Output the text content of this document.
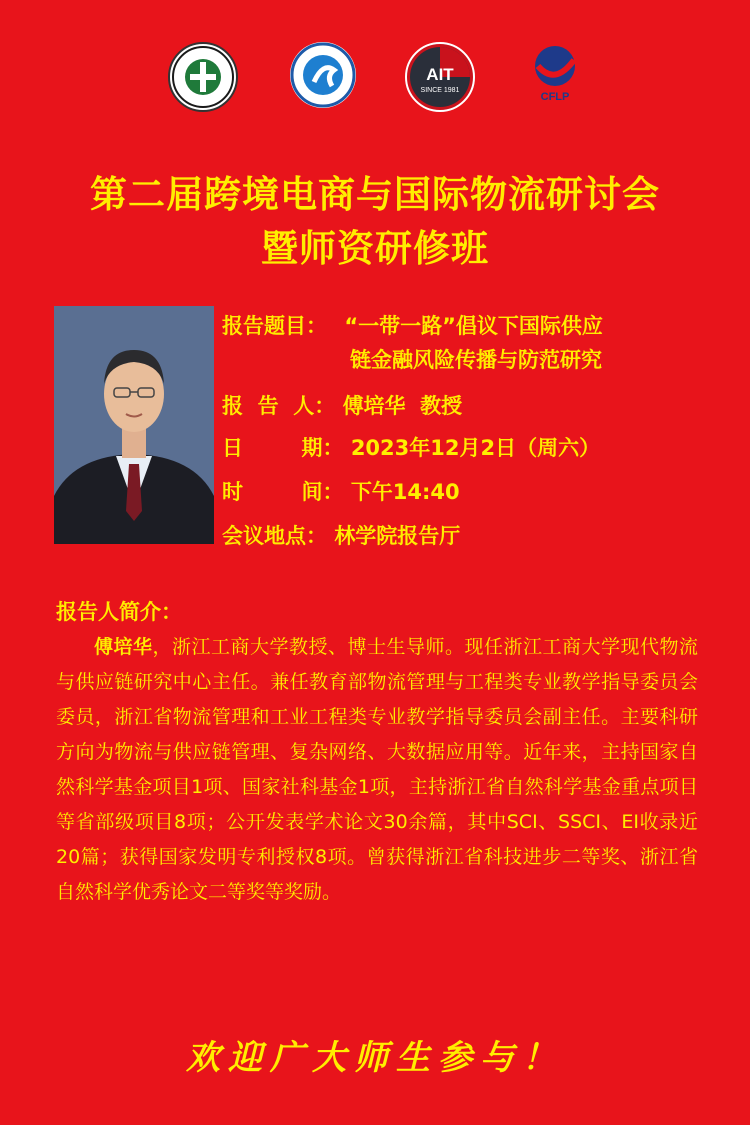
AIT
SINCE 1981
CFLP
第二届跨境电商与国际物流研讨会
暨师资研修班
报告题目： “一带一路”倡议下国际供应
链金融风险传播与防范研究
报  告  人： 傅培华  教授
日        期： 2023年12月2日（周六）
时        间： 下午14:40
会议地点： 林学院报告厅
报告人简介：
傅培华，浙江工商大学教授、博士生导师。现任浙江工商大学现代物流与供应链研究中心主任。兼任教育部物流管理与工程类专业教学指导委员会委员，浙江省物流管理和工业工程类专业教学指导委员会副主任。主要科研方向为物流与供应链管理、复杂网络、大数据应用等。近年来，主持国家自然科学基金项目1项、国家社科基金1项，主持浙江省自然科学基金重点项目等省部级项目8项；公开发表学术论文30余篇，其中SCI、SSCI、EI收录近20篇；获得国家发明专利授权8项。曾获得浙江省科技进步二等奖、浙江省自然科学优秀论文二等奖等奖励。
欢迎广大师生参与！
